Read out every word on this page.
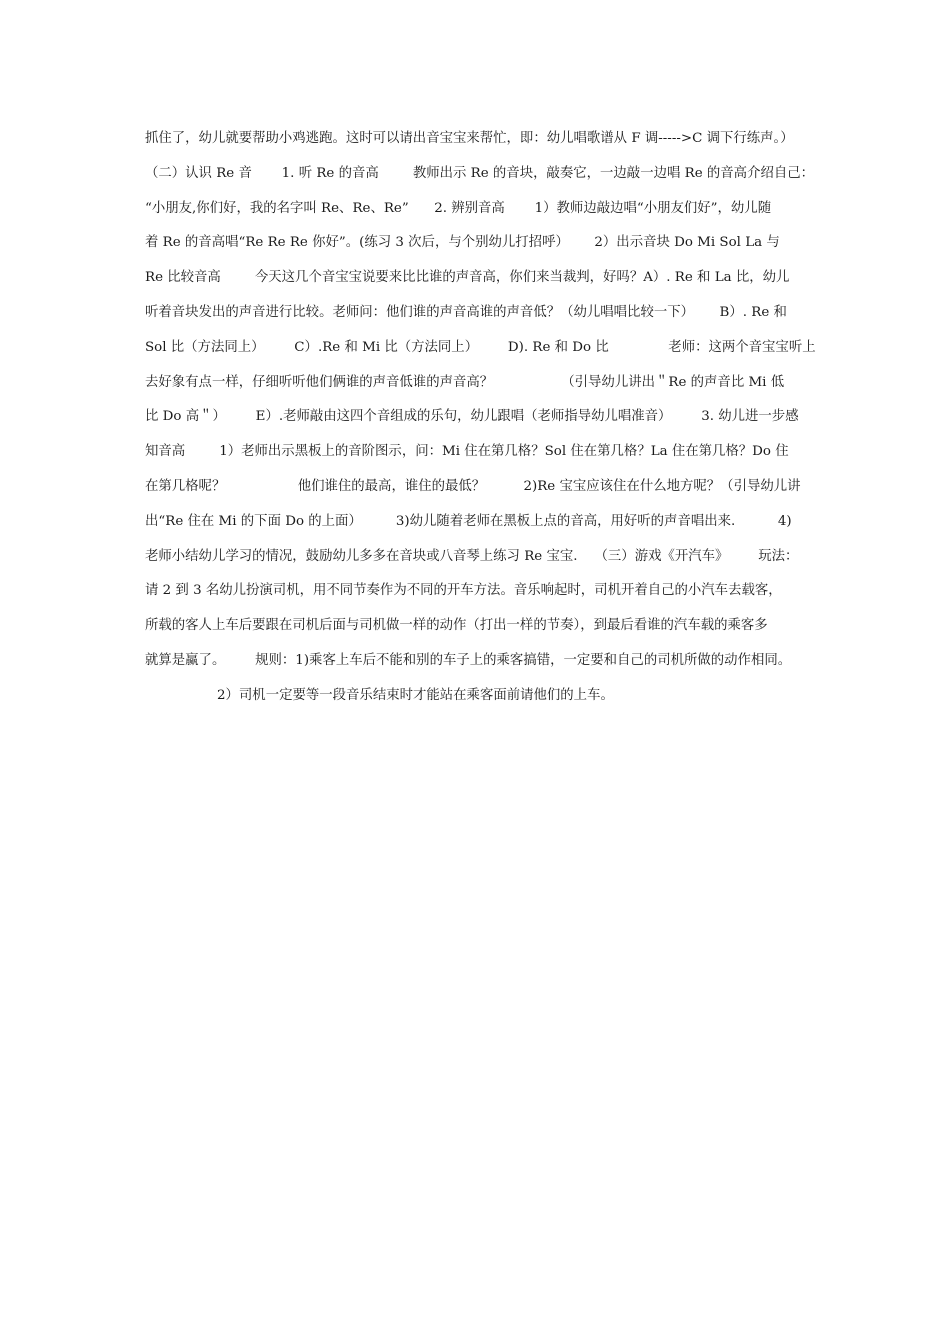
抓住了，幼儿就要帮助小鸡逃跑。这时可以请出音宝宝来帮忙，即：幼儿唱歌谱从 F 调----->C 调下行练声。）
（二）认识 Re 音       1. 听 Re 的音高        教师出示 Re 的音块，敲奏它，一边敲一边唱 Re 的音高介绍自己：
“小朋友,你们好，我的名字叫 Re、Re、Re”      2. 辨别音高       1）教师边敲边唱“小朋友们好”，幼儿随
着 Re 的音高唱“Re Re Re 你好”。(练习 3 次后，与个别幼儿打招呼）      2）出示音块 Do Mi Sol La 与
Re 比较音高        今天这几个音宝宝说要来比比谁的声音高，你们来当裁判，好吗？A）. Re 和 La 比，幼儿
听着音块发出的声音进行比较。老师问：他们谁的声音高谁的声音低？（幼儿唱唱比较一下）      B）. Re 和
Sol 比（方法同上）       C）.Re 和 Mi 比（方法同上）       D). Re 和 Do 比              老师：这两个音宝宝听上
去好象有点一样，仔细听听他们俩谁的声音低谁的声音高？                （引导幼儿讲出＂Re 的声音比 Mi 低
比 Do 高＂）       E）.老师敲由这四个音组成的乐句，幼儿跟唱（老师指导幼儿唱准音）       3. 幼儿进一步感
知音高        1）老师出示黑板上的音阶图示，问：Mi 住在第几格？Sol 住在第几格？La 住在第几格？Do 住
在第几格呢？                 他们谁住的最高，谁住的最低？         2)Re 宝宝应该住在什么地方呢？（引导幼儿讲
出“Re 住在 Mi 的下面 Do 的上面）        3)幼儿随着老师在黑板上点的音高，用好听的声音唱出来.          4)
老师小结幼儿学习的情况，鼓励幼儿多多在音块或八音琴上练习 Re 宝宝.    （三）游戏《开汽车》       玩法：
请 2 到 3 名幼儿扮演司机，用不同节奏作为不同的开车方法。音乐响起时，司机开着自己的小汽车去载客，
所载的客人上车后要跟在司机后面与司机做一样的动作（打出一样的节奏），到最后看谁的汽车载的乘客多
就算是赢了。       规则：1)乘客上车后不能和别的车子上的乘客搞错，一定要和自己的司机所做的动作相同。
2）司机一定要等一段音乐结束时才能站在乘客面前请他们的上车。
